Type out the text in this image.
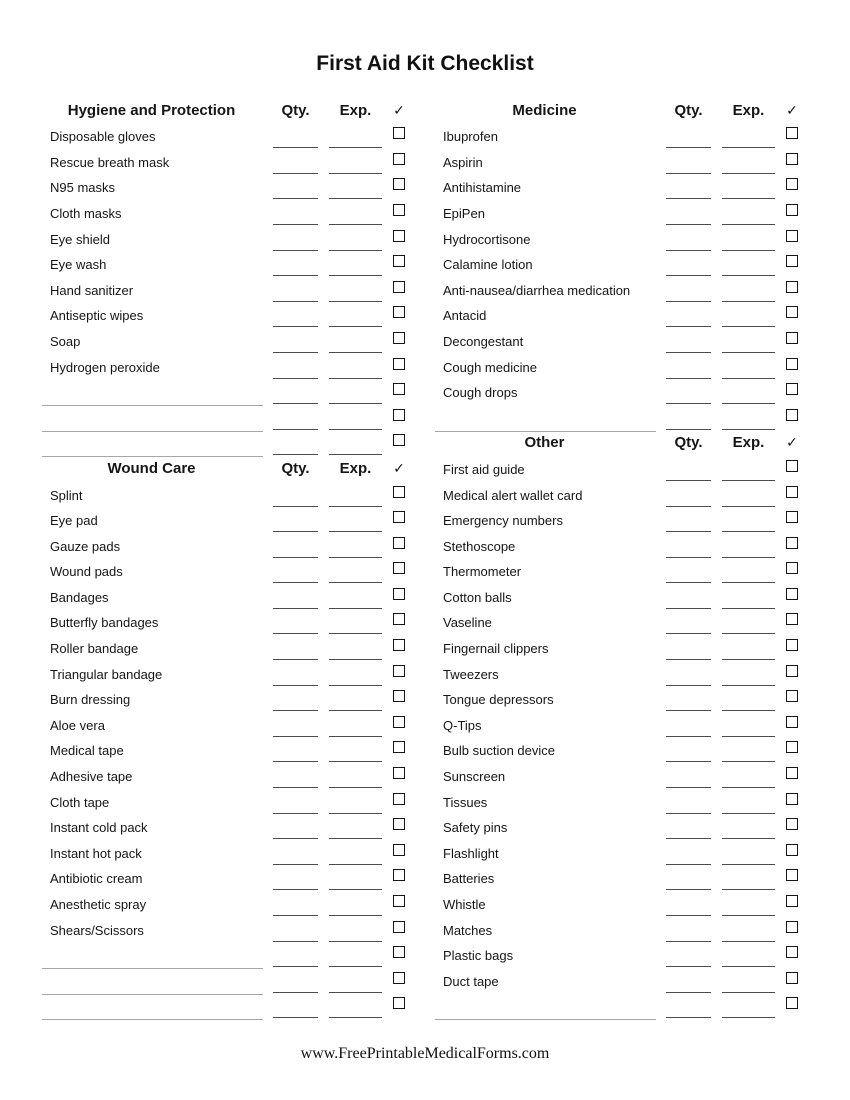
First Aid Kit Checklist
Hygiene and Protection	Qty.	Exp.	✓
Disposable gloves
Rescue breath mask
N95 masks
Cloth masks
Eye shield
Eye wash
Hand sanitizer
Antiseptic wipes
Soap
Hydrogen peroxide
Wound Care	Qty.	Exp.	✓
Splint
Eye pad
Gauze pads
Wound pads
Bandages
Butterfly bandages
Roller bandage
Triangular bandage
Burn dressing
Aloe vera
Medical tape
Adhesive tape
Cloth tape
Instant cold pack
Instant hot pack
Antibiotic cream
Anesthetic spray
Shears/Scissors
Medicine	Qty.	Exp.	✓
Ibuprofen
Aspirin
Antihistamine
EpiPen
Hydrocortisone
Calamine lotion
Anti-nausea/diarrhea medication
Antacid
Decongestant
Cough medicine
Cough drops
Other	Qty.	Exp.	✓
First aid guide
Medical alert wallet card
Emergency numbers
Stethoscope
Thermometer
Cotton balls
Vaseline
Fingernail clippers
Tweezers
Tongue depressors
Q-Tips
Bulb suction device
Sunscreen
Tissues
Safety pins
Flashlight
Batteries
Whistle
Matches
Plastic bags
Duct tape
www.FreePrintableMedicalForms.com
